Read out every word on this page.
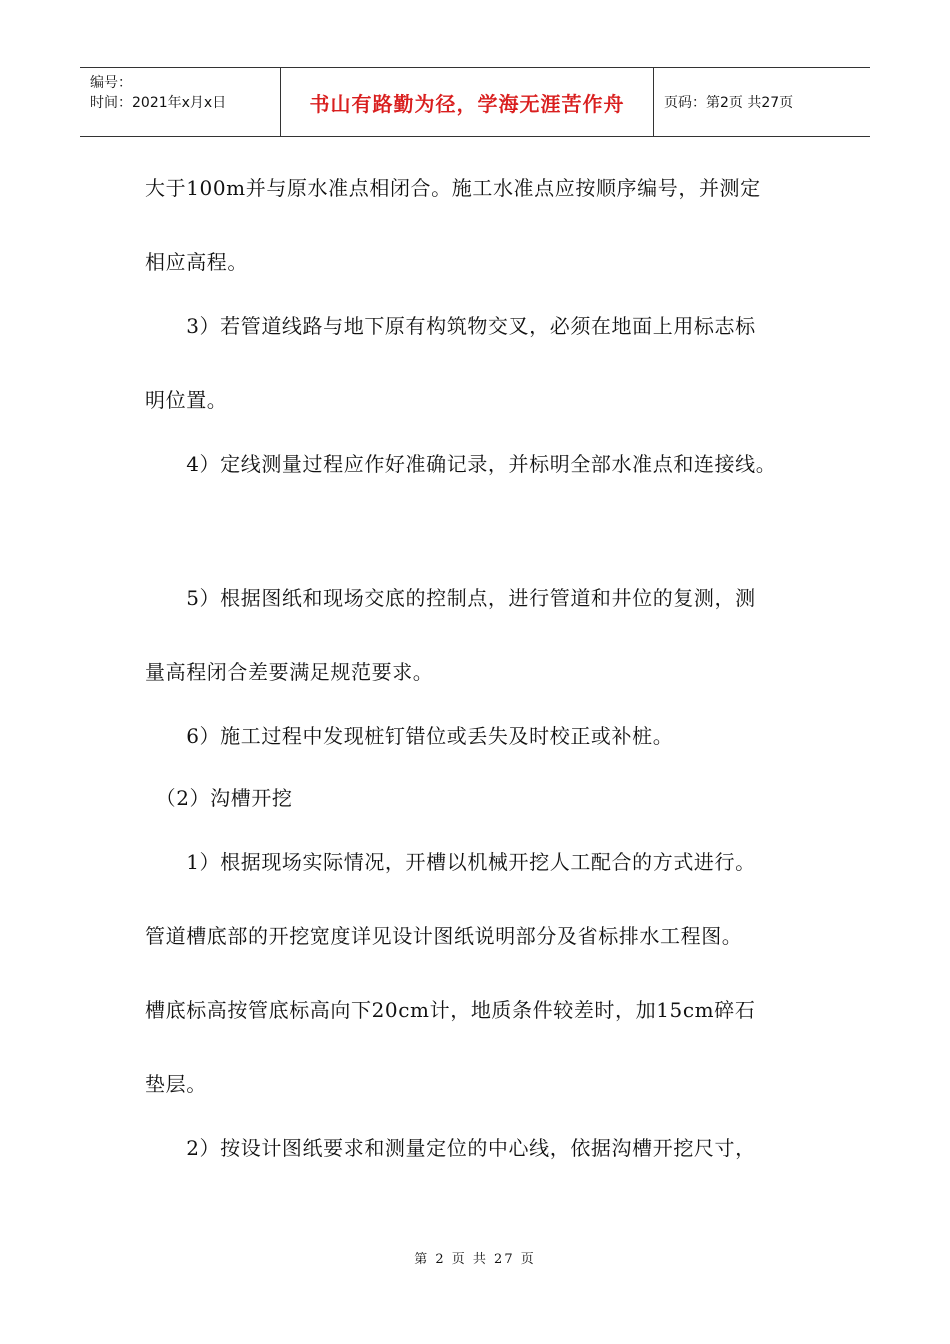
编号：
时间：2021年x月x日	书山有路勤为径，学海无涯苦作舟	页码：第2页 共27页
大于100m并与原水准点相闭合。施工水准点应按顺序编号，并测定
相应高程。
　　3）若管道线路与地下原有构筑物交叉，必须在地面上用标志标
明位置。
　　4）定线测量过程应作好准确记录，并标明全部水准点和连接线。
　　5）根据图纸和现场交底的控制点，进行管道和井位的复测，测
量高程闭合差要满足规范要求。
　　6）施工过程中发现桩钉错位或丢失及时校正或补桩。
　（2）沟槽开挖
　　1）根据现场实际情况，开槽以机械开挖人工配合的方式进行。
管道槽底部的开挖宽度详见设计图纸说明部分及省标排水工程图。
槽底标高按管底标高向下20cm计，地质条件较差时，加15cm碎石
垫层。
　　2）按设计图纸要求和测量定位的中心线，依据沟槽开挖尺寸，
第 2 页 共 27 页
